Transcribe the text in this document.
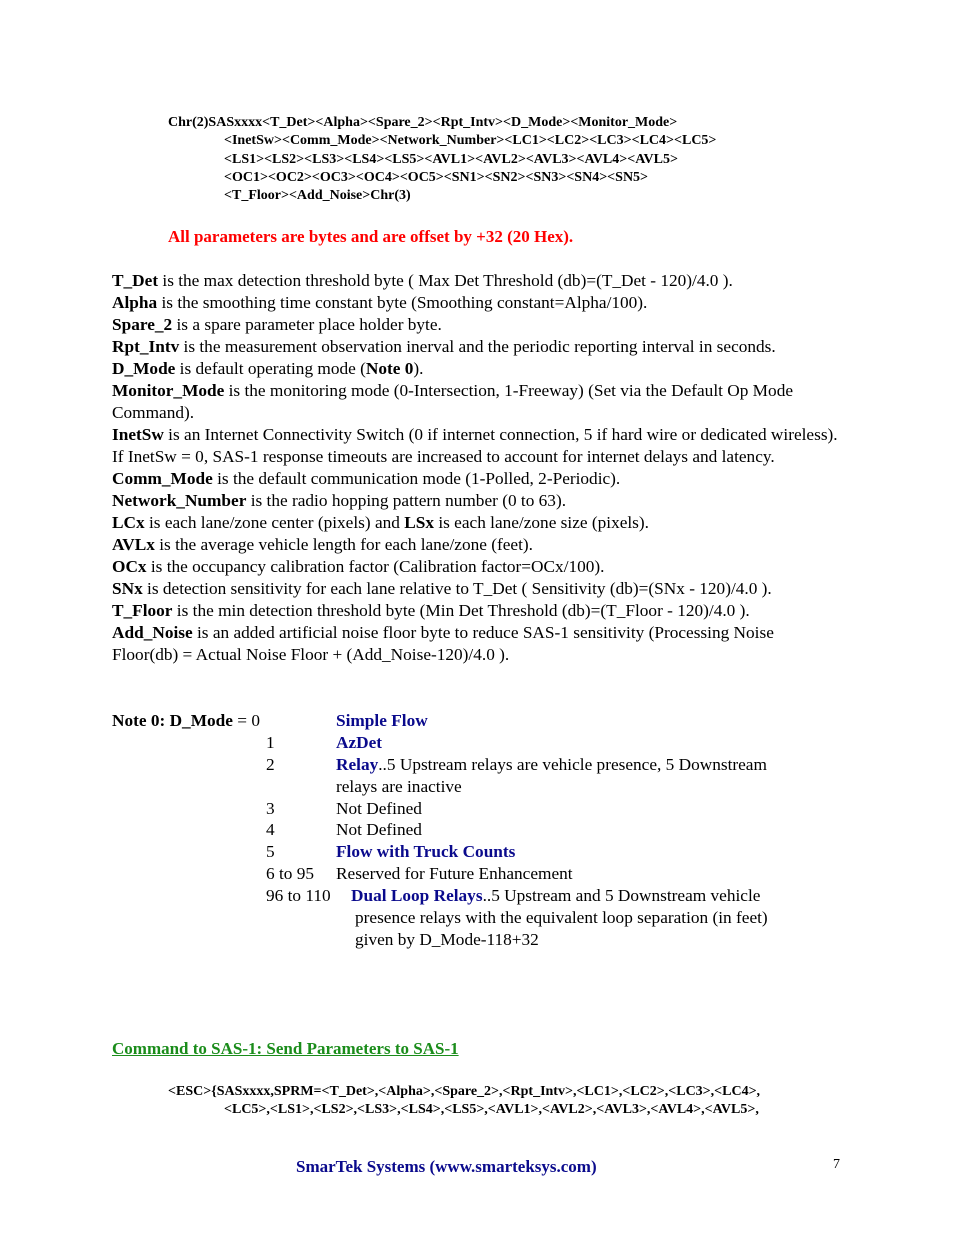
Chr(2)SASxxxx<T_Det><Alpha><Spare_2><Rpt_Intv><D_Mode><Monitor_Mode>
<InetSw><Comm_Mode><Network_Number><LC1><LC2><LC3><LC4><LC5>
<LS1><LS2><LS3><LS4><LS5><AVL1><AVL2><AVL3><AVL4><AVL5>
<OC1><OC2><OC3><OC4><OC5><SN1><SN2><SN3><SN4><SN5>
<T_Floor><Add_Noise>Chr(3)
All parameters are bytes and are offset by +32 (20 Hex).

T_Det is the max detection threshold byte ( Max Det Threshold (db)=(T_Det - 120)/4.0 ).

Alpha is the smoothing time constant byte (Smoothing constant=Alpha/100).

Spare_2 is a spare parameter place holder byte.

Rpt_Intv is the measurement observation inerval and the periodic reporting interval in seconds.

D_Mode is default operating mode (Note 0).

Monitor_Mode is the monitoring mode (0-Intersection, 1-Freeway) (Set via the Default Op Mode Command).

InetSw is an Internet Connectivity Switch (0 if internet connection, 5 if hard wire or dedicated wireless). If InetSw = 0, SAS-1 response timeouts are increased to account for internet delays and latency.

Comm_Mode is the default communication mode (1-Polled, 2-Periodic).

Network_Number is the radio hopping pattern number (0 to 63).

LCx is each lane/zone center (pixels) and LSx is each lane/zone size (pixels).

AVLx is the average vehicle length for each lane/zone (feet).

OCx is the occupancy calibration factor (Calibration factor=OCx/100).

SNx is detection sensitivity for each lane relative to T_Det ( Sensitivity (db)=(SNx - 120)/4.0 ).

T_Floor is the min detection threshold byte (Min Det Threshold (db)=(T_Floor - 120)/4.0 ).

Add_Noise is an added artificial noise floor byte to reduce SAS-1 sensitivity (Processing Noise Floor(db) = Actual Noise Floor + (Add_Noise-120)/4.0 ).

Note 0: D_Mode = 0	Simple Flow
1	AzDet
2	Relay..5 Upstream relays are vehicle presence, 5 Downstream
relays are inactive
3	Not Defined
4	Not Defined
5	Flow with Truck Counts
6 to 95 Reserved for Future Enhancement
96 to 110 Dual Loop Relays..5 Upstream and 5 Downstream vehicle
presence relays with the equivalent loop separation (in feet)
given by D_Mode-118+32
Command to SAS-1: Send Parameters to SAS-1
<ESC>{SASxxxx,SPRM=<T_Det>,<Alpha>,<Spare_2>,<Rpt_Intv>,<LC1>,<LC2>,<LC3>,<LC4>,
<LC5>,<LS1>,<LS2>,<LS3>,<LS4>,<LS5>,<AVL1>,<AVL2>,<AVL3>,<AVL4>,<AVL5>,
SmarTek Systems (www.smarteksys.com)	7
